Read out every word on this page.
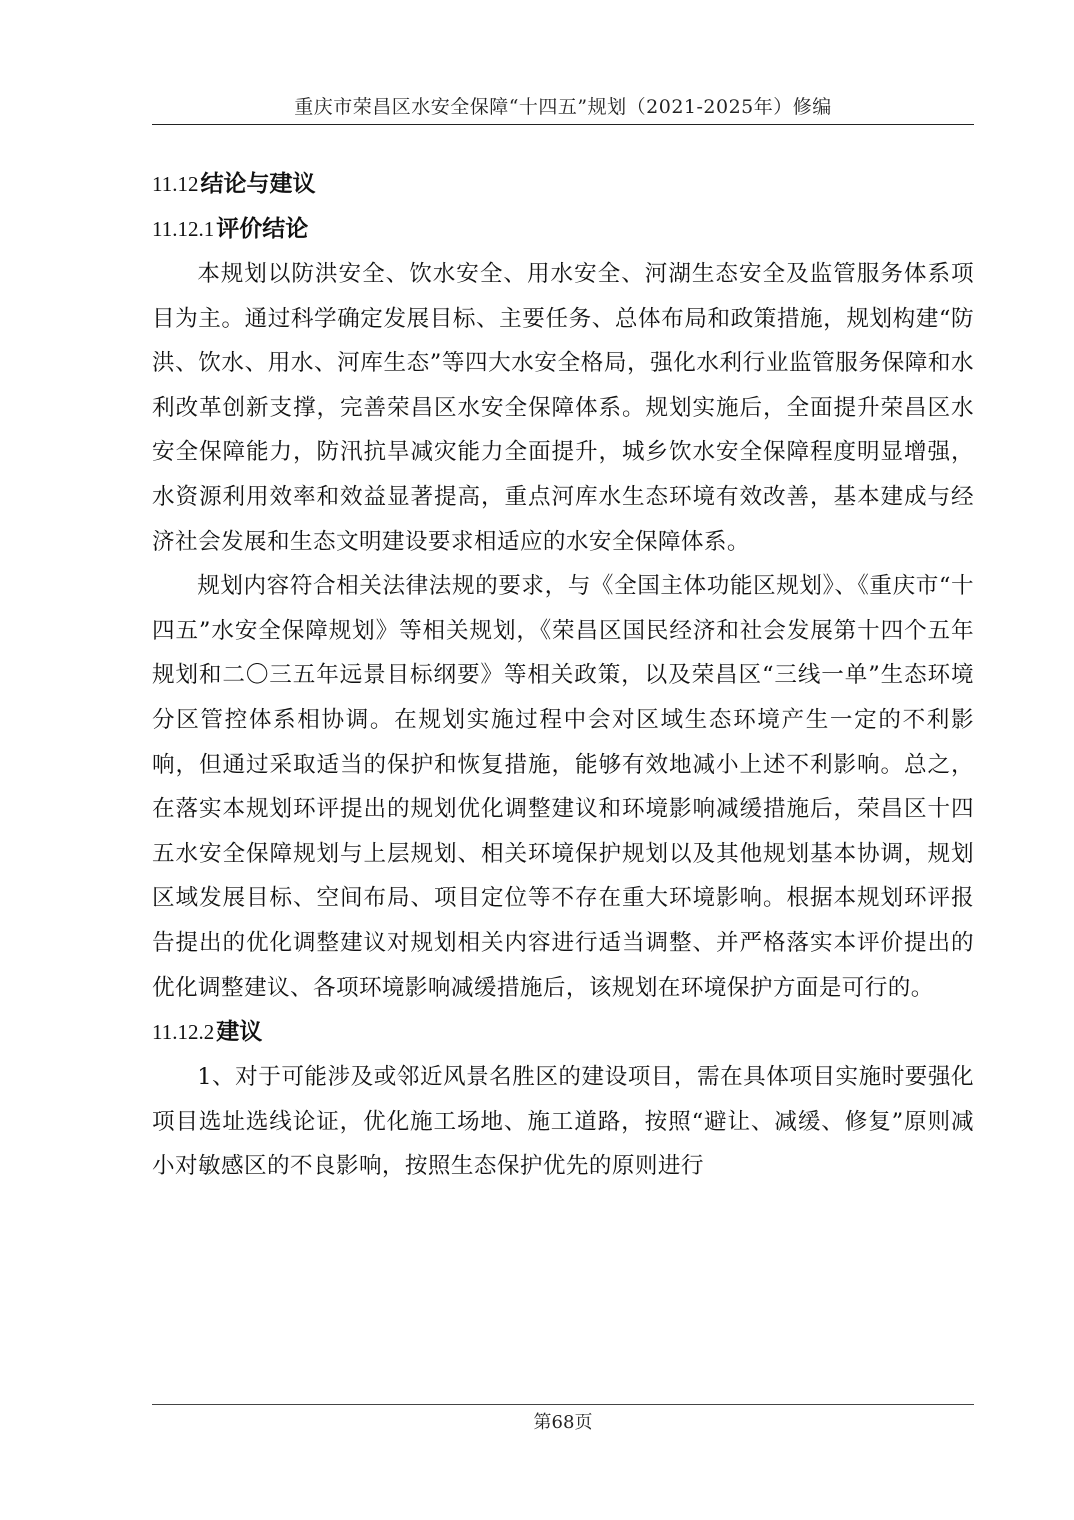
重庆市荣昌区水安全保障“十四五”规划（2021-2025年）修编
11.12结论与建议
11.12.1评价结论

本规划以防洪安全、饮水安全、用水安全、河湖生态安全及监管服务体系项目为主。通过科学确定发展目标、主要任务、总体布局和政策措施，规划构建“防洪、饮水、用水、河库生态”等四大水安全格局，强化水利行业监管服务保障和水利改革创新支撑，完善荣昌区水安全保障体系。规划实施后，全面提升荣昌区水安全保障能力，防汛抗旱减灾能力全面提升，城乡饮水安全保障程度明显增强，水资源利用效率和效益显著提高，重点河库水生态环境有效改善，基本建成与经济社会发展和生态文明建设要求相适应的水安全保障体系。

规划内容符合相关法律法规的要求，与《全国主体功能区规划》、《重庆市“十四五”水安全保障规划》等相关规划，《荣昌区国民经济和社会发展第十四个五年规划和二〇三五年远景目标纲要》等相关政策，以及荣昌区“三线一单”生态环境分区管控体系相协调。在规划实施过程中会对区域生态环境产生一定的不利影响，但通过采取适当的保护和恢复措施，能够有效地减小上述不利影响。总之，在落实本规划环评提出的规划优化调整建议和环境影响减缓措施后，荣昌区十四五水安全保障规划与上层规划、相关环境保护规划以及其他规划基本协调，规划区域发展目标、空间布局、项目定位等不存在重大环境影响。根据本规划环评报告提出的优化调整建议对规划相关内容进行适当调整、并严格落实本评价提出的优化调整建议、各项环境影响减缓措施后，该规划在环境保护方面是可行的。

11.12.2建议

1、对于可能涉及或邻近风景名胜区的建设项目，需在具体项目实施时要强化项目选址选线论证，优化施工场地、施工道路，按照“避让、减缓、修复”原则减小对敏感区的不良影响，按照生态保护优先的原则进行

第68页
